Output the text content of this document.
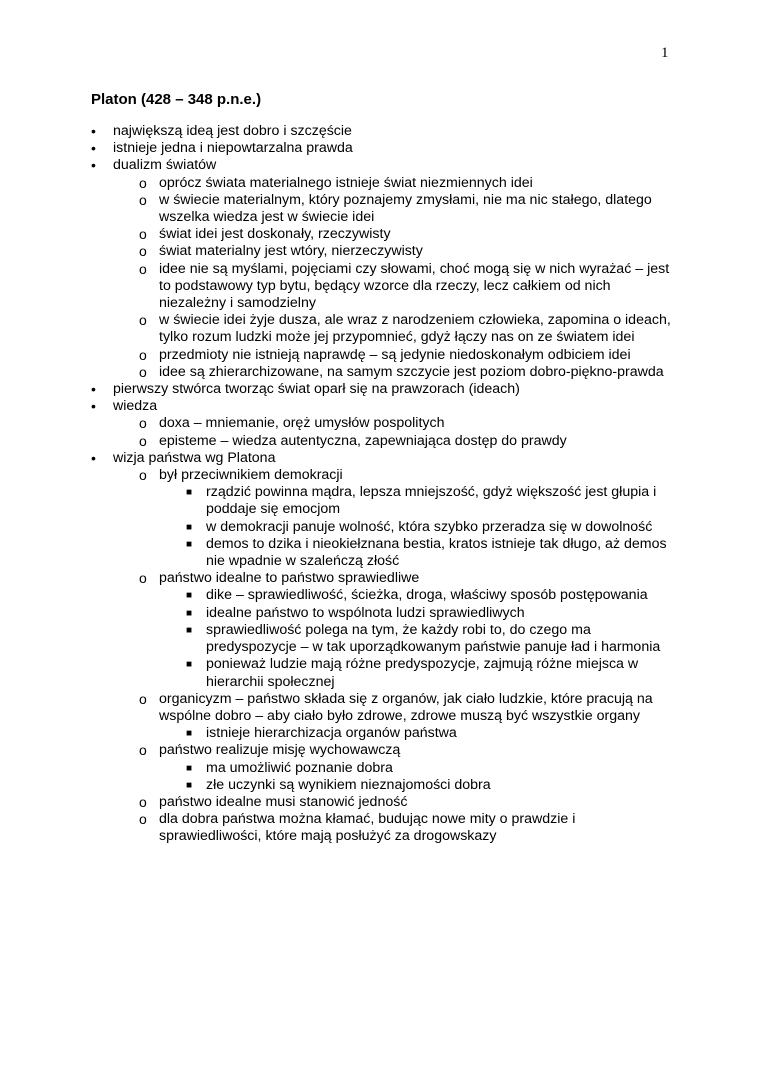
1
Platon (428 – 348 p.n.e.)
• największą ideą jest dobro i szczęście
• istnieje jedna i niepowtarzalna prawda
• dualizm światów
o oprócz świata materialnego istnieje świat niezmiennych idei
o w świecie materialnym, który poznajemy zmysłami, nie ma nic stałego, dlatego
wszelka wiedza jest w świecie idei
o świat idei jest doskonały, rzeczywisty
o świat materialny jest wtóry, nierzeczywisty
o idee nie są myślami, pojęciami czy słowami, choć mogą się w nich wyrażać – jest
to podstawowy typ bytu, będący wzorce dla rzeczy, lecz całkiem od nich
niezależny i samodzielny
o w świecie idei żyje dusza, ale wraz z narodzeniem człowieka, zapomina o ideach,
tylko rozum ludzki może jej przypomnieć, gdyż łączy nas on ze światem idei
o przedmioty nie istnieją naprawdę – są jedynie niedoskonałym odbiciem idei
o idee są zhierarchizowane, na samym szczycie jest poziom dobro-piękno-prawda
• pierwszy stwórca tworząc świat oparł się na prawzorach (ideach)
• wiedza
o doxa – mniemanie, oręż umysłów pospolitych
o episteme – wiedza autentyczna, zapewniająca dostęp do prawdy
• wizja państwa wg Platona
o był przeciwnikiem demokracji
■ rządzić powinna mądra, lepsza mniejszość, gdyż większość jest głupia i
poddaje się emocjom
■ w demokracji panuje wolność, która szybko przeradza się w dowolność
■ demos to dzika i nieokiełznana bestia, kratos istnieje tak długo, aż demos
nie wpadnie w szaleńczą złość
o państwo idealne to państwo sprawiedliwe
■ dike – sprawiedliwość, ścieżka, droga, właściwy sposób postępowania
■ idealne państwo to wspólnota ludzi sprawiedliwych
■ sprawiedliwość polega na tym, że każdy robi to, do czego ma
predyspozycje – w tak uporządkowanym państwie panuje ład i harmonia
■ ponieważ ludzie mają różne predyspozycje, zajmują różne miejsca w
hierarchii społecznej
o organicyzm – państwo składa się z organów, jak ciało ludzkie, które pracują na
wspólne dobro – aby ciało było zdrowe, zdrowe muszą być wszystkie organy
■ istnieje hierarchizacja organów państwa
o państwo realizuje misję wychowawczą
■ ma umożliwić poznanie dobra
■ złe uczynki są wynikiem nieznajomości dobra
o państwo idealne musi stanowić jedność
o dla dobra państwa można kłamać, budując nowe mity o prawdzie i
sprawiedliwości, które mają posłużyć za drogowskazy
